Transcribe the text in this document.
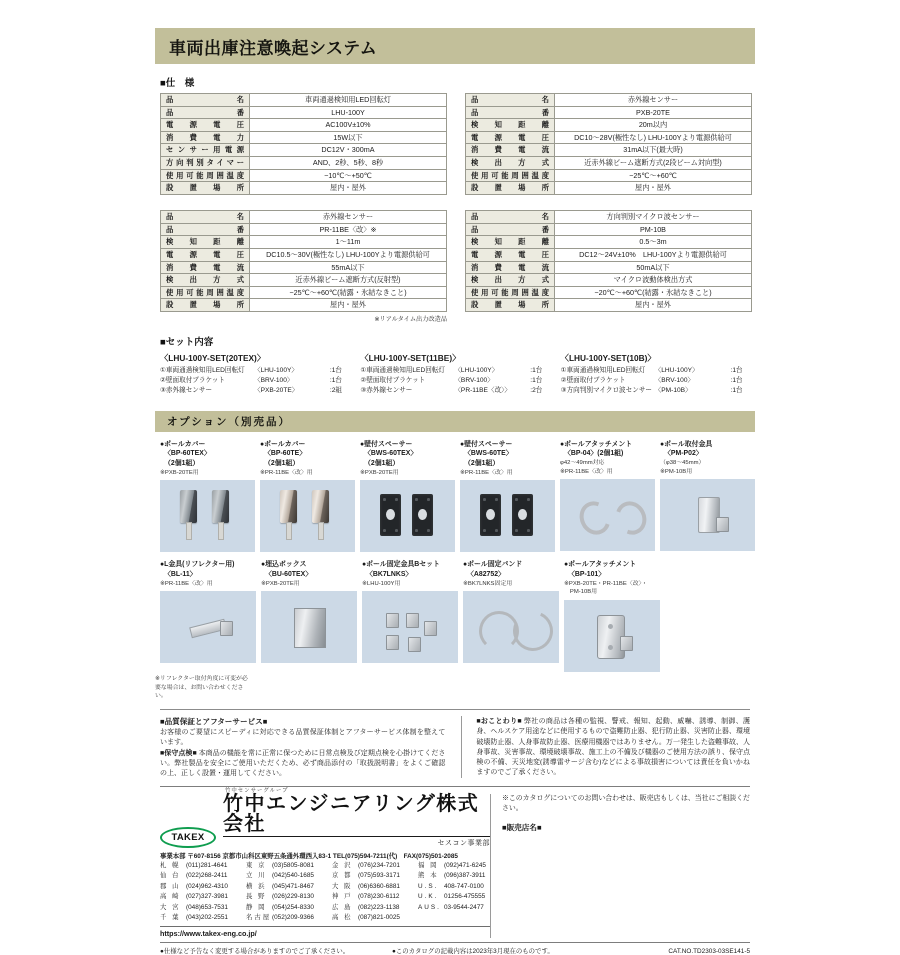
車両出庫注意喚起システム
■仕　様
品　　　　名	車両通過検知用LED回転灯
品　　　　番	LHU-100Y
電　源　電　圧	AC100V±10%
消　費　電　力	15W以下
センサー用電源	DC12V・300mA
方向判別タイマー	AND、2秒、5秒、8秒
使用可能周囲温度	−10℃〜+50℃
設　置　場　所	屋内・屋外
品　　　　名	赤外線センサー
品　　　　番	PXB-20TE
検　知　距　離	20m以内
電　源　電　圧	DC10〜28V(極性なし) LHU-100Yより電源供給可
消　費　電　流	31mA以下(最大時)
検　出　方　式	近赤外線ビーム遮断方式(2段ビーム対向型)
使用可能周囲温度	−25℃〜+60℃
設　置　場　所	屋内・屋外
品　　　　名	赤外線センサー
品　　　　番	PR-11BE〈改〉※
検　知　距　離	1〜11m
電　源　電　圧	DC10.5〜30V(極性なし) LHU-100Yより電源供給可
消　費　電　流	55mA以下
検　出　方　式	近赤外線ビーム遮断方式(反射型)
使用可能周囲温度	−25℃〜+60℃(結露・氷結なきこと)
設　置　場　所	屋内・屋外
※リアルタイム出力改造品
品　　　　名	方向判別マイクロ波センサー
品　　　　番	PM-10B
検　知　距　離	0.5〜3m
電　源　電　圧	DC12〜24V±10%　LHU-100Yより電源供給可
消　費　電　流	50mA以下
検　出　方　式	マイクロ波動体検出方式
使用可能周囲温度	−20℃〜+60℃(結露・氷結なきこと)
設　置　場　所	屋内・屋外
■セット内容
〈LHU-100Y-SET(20TEX)〉
①車両通過検知用LED回転灯	〈LHU-100Y〉	:1台
②壁面取付ブラケット	〈BRV-100〉	:1台
③赤外線センサー	〈PXB-20TE〉	:2組
〈LHU-100Y-SET(11BE)〉
①車両通過検知用LED回転灯	〈LHU-100Y〉	:1台
②壁面取付ブラケット	〈BRV-100〉	:1台
③赤外線センサー	〈PR-11BE〈改〉〉	:2台
〈LHU-100Y-SET(10B)〉
①車両通過検知用LED回転灯	〈LHU-100Y〉	:1台
②壁面取付ブラケット	〈BRV-100〉	:1台
③方向判別マイクロ波センサー 〈PM-10B〉	:1台
オプション（別売品）
●ポールカバー
〈BP-60TEX〉
（2個1組）
※PXB-20TE用
●ポールカバー
〈BP-60TE〉
（2個1組）
※PR-11BE〈改〉用
●壁付スペーサー
〈BWS-60TEX〉
（2個1組）
※PXB-20TE用
●壁付スペーサー
〈BWS-60TE〉
（2個1組）
※PR-11BE〈改〉用
●ポールアタッチメント
〈BP-04〉(2個1組)
φ42〜49mm対応
※PR-11BE〈改〉用
●ポール取付金具
〈PM-P02〉
（φ38〜45mm）
※PM-10B用
●L金具(リフレクター用)
〈BL-11〉
※PR-11BE〈改〉用
●埋込ボックス
〈BU-60TEX〉
※PXB-20TE用
●ポール固定金具Bセット
〈BK7LNKS〉
※LHU-100Y用
●ポール固定バンド
〈A82752〉
※BK7LNKS固定用
●ポールアタッチメント
〈BP-101〉
※PXB-20TE・PR-11BE〈改〉・
　PM-10B用
※リフレクター取付角度に可変が必要な場合は、お問い合わせください。
■品質保証とアフターサービス■
お客様のご要望にスピーディに対応できる品質保証体制とアフターサービス体制を整えています。
■保守点検■ 本商品の機能を常に正常に保つために日常点検及び定期点検を心掛けてください。弊社製品を安全にご使用いただくため、必ず商品添付の「取扱説明書」をよくご確認の上、正しく設置・運用してください。
■おことわり■ 弊社の商品は各種の監視、警戒、報知、起動、威嚇、誘導、制御、護身、ヘルスケア用途などに使用するもので盗難防止器、犯行防止器、災害防止器、環境破壊防止器、人身事故防止器、医療用機器ではありません。万一発生した盗難事故、人身事故、災害事故、環境破壊事故、施工上の不備及び機器のご使用方法の誤り、保守点検の不備、天災地変(誘導雷サージ含む)などによる事故損害については責任を負いかねますのでご了承ください。
TAKEX
竹中センサーグループ
竹中エンジニアリング株式会社
セスコン事業部
事業本部 〒607-8156 京都市山科区東野五条通外環西入83-1 TEL(075)594-7211(代)　FAX(075)501-2085
札 幌 (011)281-4641	東 京 (03)5805-8081	金 沢 (076)234-7201	福 岡 (092)471-6245
仙 台 (022)268-2411	立 川 (042)540-1685	京 都 (075)593-3171	熊 本 (096)387-3911
郡 山 (024)962-4310	横 浜 (045)471-8467	大 阪 (06)6360-6881	U.S. 408-747-0100
高 崎 (027)327-3981	長 野 (026)229-8130	神 戸 (078)230-6112	U.K. 01256-475555
大 宮 (048)653-7531	静 岡 (054)254-8330	広 島 (082)223-1138	AUS. 03-9544-2477
千 葉 (043)202-2551	名古屋(052)209-9366	高 松 (087)821-0025
https://www.takex-eng.co.jp/
※このカタログについてのお問い合わせは、販売店もしくは、当社にご相談ください。
■販売店名■
●仕様など予告なく変更する場合がありますのでご了承ください。	●このカタログの記載内容は2023年3月現在のものです。	CAT.NO.TD2303-03SE141-5
